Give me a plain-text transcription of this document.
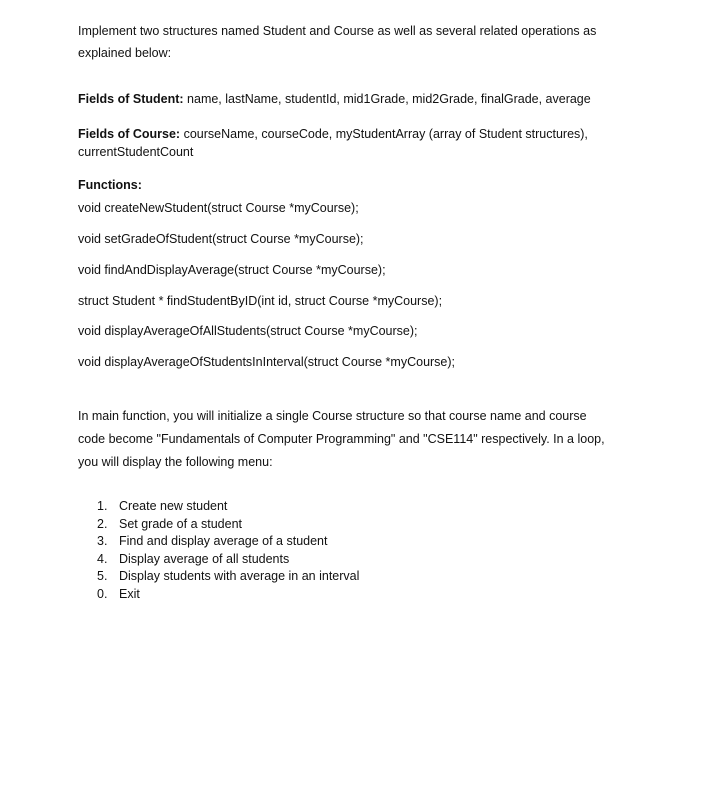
Implement two structures named Student and Course as well as several related operations as
explained below:
Fields of Student: name, lastName, studentId, mid1Grade, mid2Grade, finalGrade, average
Fields of Course: courseName, courseCode, myStudentArray (array of Student structures),
currentStudentCount
Functions:
void createNewStudent(struct Course *myCourse);
void setGradeOfStudent(struct Course *myCourse);
void findAndDisplayAverage(struct Course *myCourse);
struct Student * findStudentByID(int id, struct Course *myCourse);
void displayAverageOfAllStudents(struct Course *myCourse);
void displayAverageOfStudentsInInterval(struct Course *myCourse);
In main function, you will initialize a single Course structure so that course name and course
code become "Fundamentals of Computer Programming" and "CSE114" respectively. In a loop,
you will display the following menu:
1. Create new student
2. Set grade of a student
3. Find and display average of a student
4. Display average of all students
5. Display students with average in an interval
0. Exit
